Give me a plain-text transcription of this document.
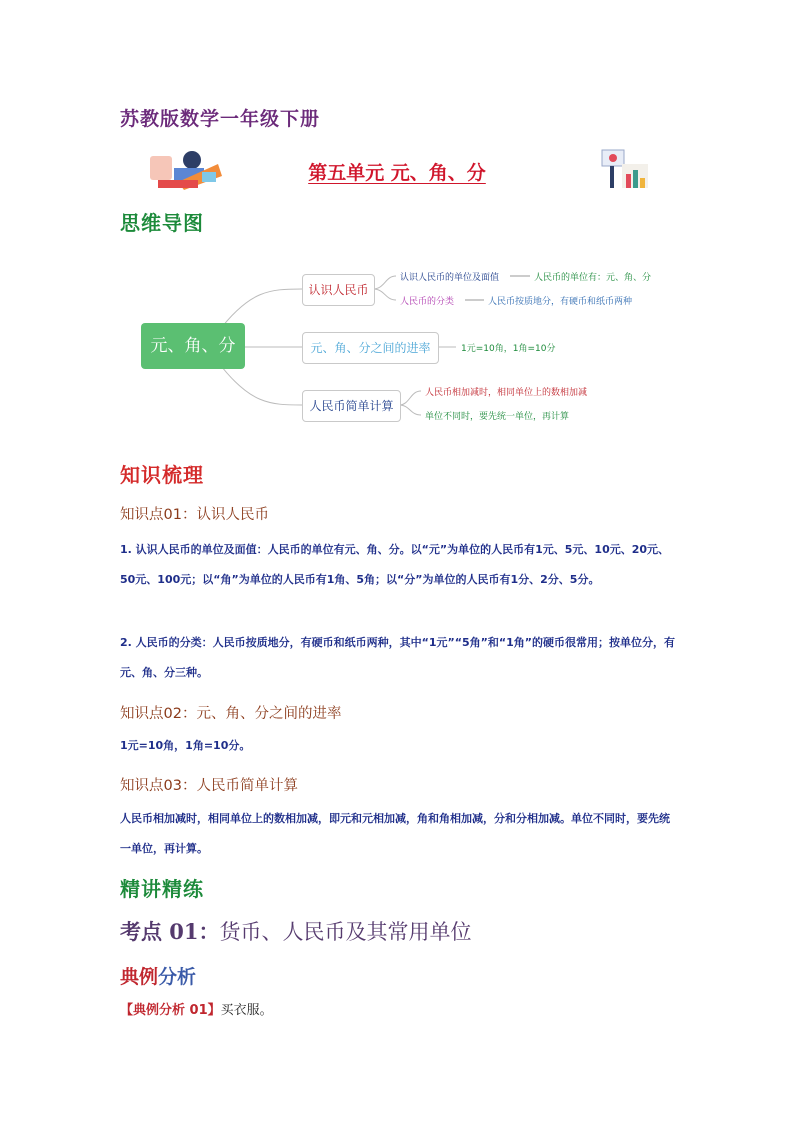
苏教版数学一年级下册
第五单元 元、角、分
思维导图
元、角、分
认识人民币
元、角、分之间的进率
人民币简单计算
认识人民币的单位及面值	人民币的单位有：元、角、分
人民币的分类	人民币按质地分，有硬币和纸币两种
1元=10角，1角=10分
人民币相加减时，相同单位上的数相加减
单位不同时，要先统一单位，再计算
知识梳理
知识点01：认识人民币
1. 认识人民币的单位及面值：人民币的单位有元、角、分。以“元”为单位的人民币有1元、5元、10元、20元、50元、100元；以“角”为单位的人民币有1角、5角；以“分”为单位的人民币有1分、2分、5分。
2. 人民币的分类：人民币按质地分，有硬币和纸币两种，其中“1元”“5角”和“1角”的硬币很常用；按单位分，有元、角、分三种。
知识点02：元、角、分之间的进率
1元=10角，1角=10分。
知识点03：人民币简单计算
人民币相加减时，相同单位上的数相加减，即元和元相加减，角和角相加减，分和分相加减。单位不同时，要先统一单位，再计算。
精讲精练
考点 01：货币、人民币及其常用单位
典例分析
【典例分析 01】买衣服。
